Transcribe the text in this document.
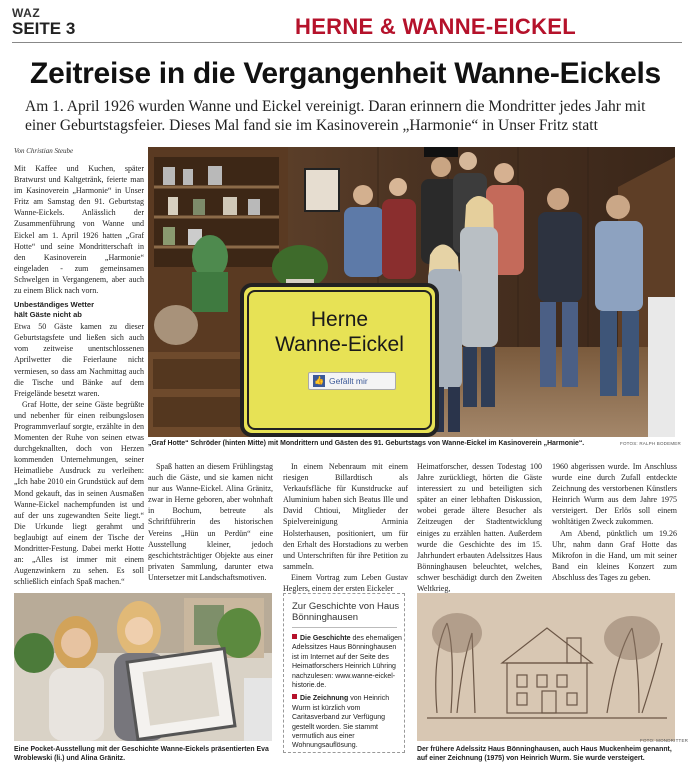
WAZ
SEITE 3	HERNE & WANNE-EICKEL
Zeitreise in die Vergangenheit Wanne-Eickels
Am 1. April 1926 wurden Wanne und Eickel vereinigt. Daran erinnern die Mondritter jedes Jahr mit einer Geburtstagsfeier. Dieses Mal fand sie im Kasinoverein „Harmonie“ in Unser Fritz statt
Von Christian Steube

Mit Kaffee und Kuchen, später Bratwurst und Kaltgetränk, feierte man im Kasinoverein „Harmonie“ in Unser Fritz am Samstag den 91. Geburtstag Wanne-Eickels. Anlässlich der Zusammenführung von Wanne und Eickel am 1. April 1926 hatten „Graf Hotte“ und seine Mondritterschaft in den Kasinoverein „Harmonie“ eingeladen - zum gemeinsamen Schwelgen in Vergangenem, aber auch zu einem Blick nach vorn.

Unbeständiges Wetter
hält Gäste nicht ab

Etwa 50 Gäste kamen zu dieser Geburtstagsfete und ließen sich auch vom zeitweise unentschlossenen Aprilwetter die Feierlaune nicht vermiesen, so dass am Nachmittag auch die Tische und Bänke auf dem Freigelände besetzt waren.

Graf Hotte, der seine Gäste begrüßte und nebenher für einen reibungslosen Programmverlauf sorgte, erzählte in den Momenten der Ruhe von seinen etwas durchgeknallten, doch von Herzen kommenden Unternehmungen, seiner Heimatliebe Ausdruck zu verleihen: „Ich habe 2010 ein Grundstück auf dem Mond gekauft, das in seinen Ausmaßen Wanne-Eickel nachempfunden ist und auf der uns zugewandten Seite liegt.“ Die Urkunde liegt gerahmt und beglaubigt auf einem der Tische der Mondritter-Festung. Dabei merkt Hotte an: „Alles ist immer mit einem Augenzwinkern zu sehen. Es soll schließlich einfach Spaß machen.“

Herne
Wanne-Eickel
👍 Gefällt mir
„Graf Hotte“ Schröder (hinten Mitte) mit Mondrittern und Gästen des 91. Geburtstags von Wanne-Eickel im Kasinoverein „Harmonie“.	FOTOS: RALPH BODEMER

Spaß hatten an diesem Frühlingstag auch die Gäste, und sie kamen nicht nur aus Wanne-Eickel. Alina Gränitz, zwar in Herne geboren, aber wohnhaft in Bochum, betreute als Schriftführerin des historischen Vereins „Hün un Perdün“ eine Ausstellung kleiner, jedoch geschichtsträchtiger Objekte aus einer privaten Sammlung, darunter etwa Untersetzer mit Landschaftsmotiven.

In einem Nebenraum mit einem riesigen Billardtisch als Verkaufsfläche für Kunstdrucke auf Aluminium haben sich Beatus Ille und David Chtioui, Mitglieder der Spielvereinigung Arminia Holsterhausen, positioniert, um für den Erhalt des Horstadions zu werben und Unterschriften für ihre Petition zu sammeln.

Einem Vortrag zum Leben Gustav Heglers, einem der ersten Eickeler

Heimatforscher, dessen Todestag 100 Jahre zurückliegt, hörten die Gäste interessiert zu und beteiligten sich später an einer lebhaften Diskussion, wobei gerade ältere Besucher als Zeitzeugen der Stadtentwicklung einiges zu erzählen hatten. Außerdem wurde die Geschichte des im 15. Jahrhundert erbauten Adelssitzes Haus Bönninghausen beleuchtet, welches, schwer beschädigt durch den Zweiten Weltkrieg,

1960 abgerissen wurde. Im Anschluss wurde eine durch Zufall entdeckte Zeichnung des verstorbenen Künstlers Heinrich Wurm aus dem Jahre 1975 versteigert. Der Erlös soll einem wohltätigen Zweck zukommen.

Am Abend, pünktlich um 19.26 Uhr, nahm dann Graf Hotte das Mikrofon in die Hand, um mit seiner Band ein kleines Konzert zum Abschluss des Tages zu geben.

Eine Pocket-Ausstellung mit der Geschichte Wanne-Eickels präsentierten Eva Wroblewski (li.) und Alina Gränitz.
Zur Geschichte von Haus Bönninghausen

Die Geschichte des ehemaligen Adelssitzes Haus Bönninghausen ist im Internet auf der Seite des Heimatforschers Heinrich Lühring nachzulesen: www.wanne-eickel-historie.de.

Die Zeichnung von Heinrich Wurm ist kürzlich vom Caritasverband zur Verfügung gestellt worden. Sie stammt vermutlich aus einer Wohnungsauflösung.

FOTO: MONDRITTER
Der frühere Adelssitz Haus Bönninghausen, auch Haus Muckenheim genannt, auf einer Zeichnung (1975) von Heinrich Wurm. Sie wurde versteigert.
